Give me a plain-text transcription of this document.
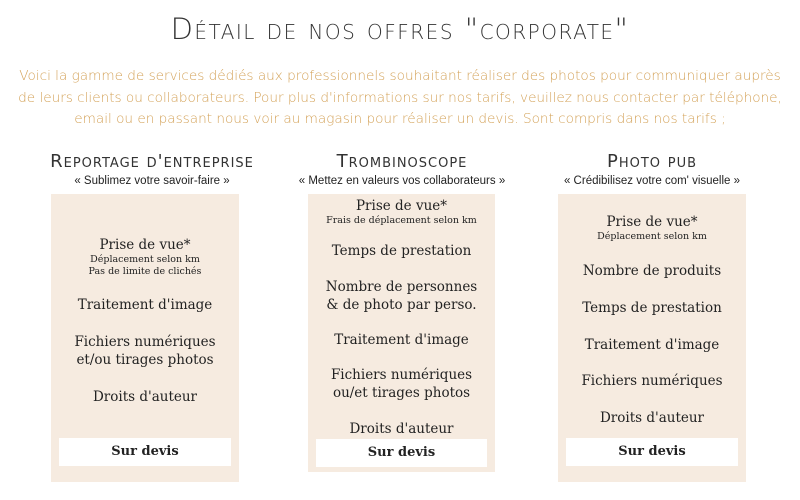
Détail de nos offres "corporate"
Voici la gamme de services dédiés aux professionnels souhaitant réaliser des photos pour communiquer auprès de leurs clients ou collaborateurs. Pour plus d'informations sur nos tarifs, veuillez nous contacter par téléphone, email ou en passant nous voir au magasin pour réaliser un devis. Sont compris dans nos tarifs ;
Reportage d'entreprise
« Sublimez votre savoir-faire »
Prise de vue*
Déplacement selon km
Pas de limite de clichés
Traitement d'image
Fichiers numériques
et/ou tirages photos
Droits d'auteur
Sur devis
Trombinoscope
« Mettez en valeurs vos collaborateurs »
Prise de vue*
Frais de déplacement selon km
Temps de prestation
Nombre de personnes
& de photo par perso.
Traitement d'image
Fichiers numériques
ou/et tirages photos
Droits d'auteur
Sur devis
Photo pub
« Crédibilisez votre com' visuelle »
Prise de vue*
Déplacement selon km
Nombre de produits
Temps de prestation
Traitement d'image
Fichiers numériques
Droits d'auteur
Sur devis
